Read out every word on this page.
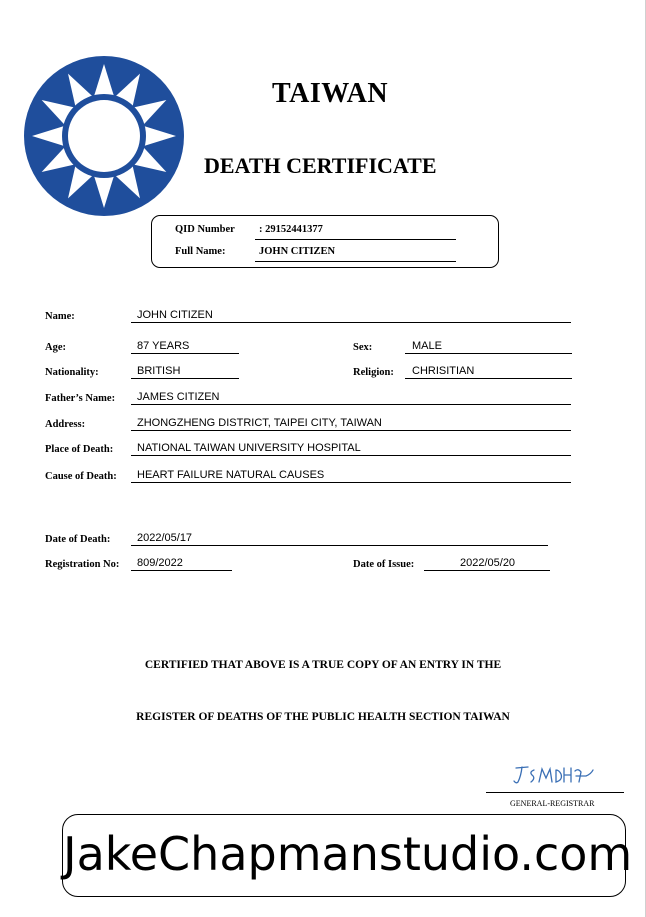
TAIWAN
DEATH CERTIFICATE
QID Number : 29152441377
Full Name:	JOHN CITIZEN
Name:	JOHN CITIZEN
Age:	87 YEARS	Sex:	MALE
Nationality:	BRITISH	Religion: CHRISITIAN
Father’s Name: JAMES CITIZEN
Address:	ZHONGZHENG DISTRICT, TAIPEI CITY, TAIWAN
Place of Death: NATIONAL TAIWAN UNIVERSITY HOSPITAL
Cause of Death: HEART FAILURE NATURAL CAUSES
Date of Death: 2022/05/17
Registration No: 809/2022	Date of Issue:	2022/05/20
CERTIFIED THAT ABOVE IS A TRUE COPY OF AN ENTRY IN THE
REGISTER OF DEATHS OF THE PUBLIC HEALTH SECTION TAIWAN
GENERAL-REGISTRAR
JakeChapmanstudio.com
